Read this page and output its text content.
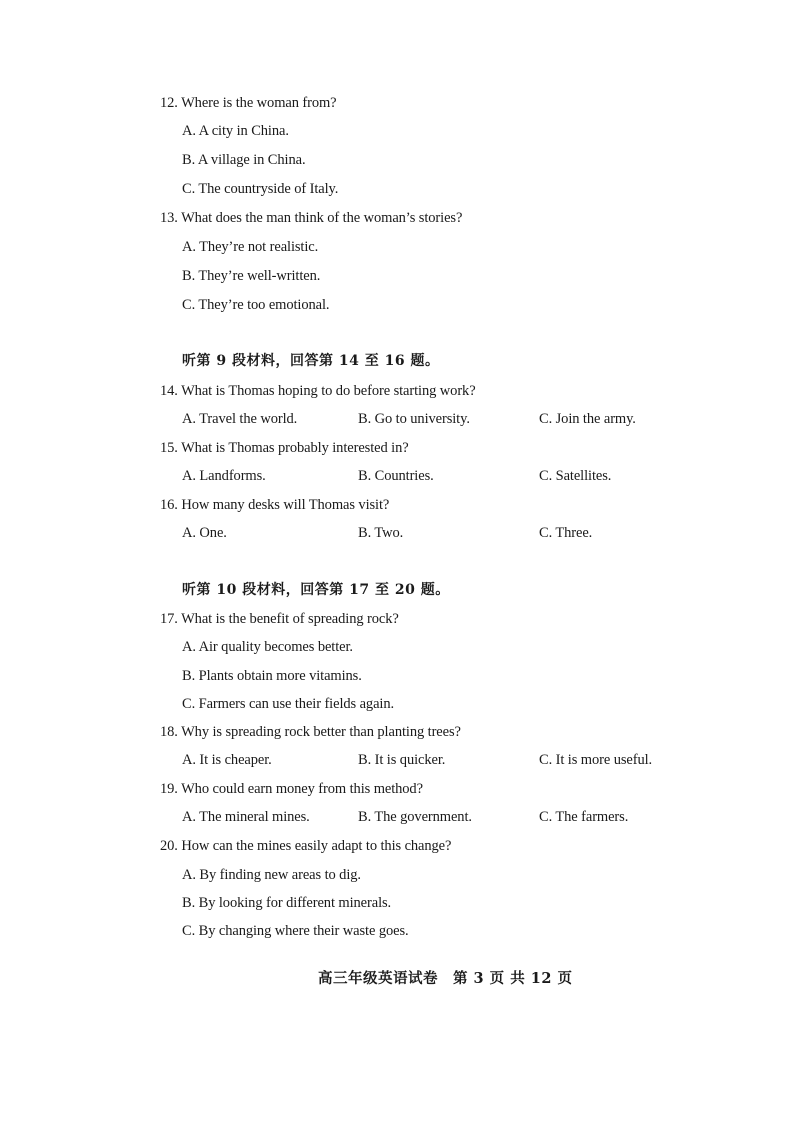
12. Where is the woman from?
A. A city in China.
B. A village in China.
C. The countryside of Italy.
13. What does the man think of the woman’s stories?
A. They’re not realistic.
B. They’re well-written.
C. They’re too emotional.
听第 9 段材料，回答第 14 至 16 题。
14. What is Thomas hoping to do before starting work?
A. Travel the world.	B. Go to university.	C. Join the army.
15. What is Thomas probably interested in?
A. Landforms.	B. Countries.	C. Satellites.
16. How many desks will Thomas visit?
A. One.	B. Two.	C. Three.
听第 10 段材料，回答第 17 至 20 题。
17. What is the benefit of spreading rock?
A. Air quality becomes better.
B. Plants obtain more vitamins.
C. Farmers can use their fields again.
18. Why is spreading rock better than planting trees?
A. It is cheaper.	B. It is quicker.	C. It is more useful.
19. Who could earn money from this method?
A. The mineral mines.	B. The government.	C. The farmers.
20. How can the mines easily adapt to this change?
A. By finding new areas to dig.
B. By looking for different minerals.
C. By changing where their waste goes.
高三年级英语试卷　第 3 页 共 12 页
